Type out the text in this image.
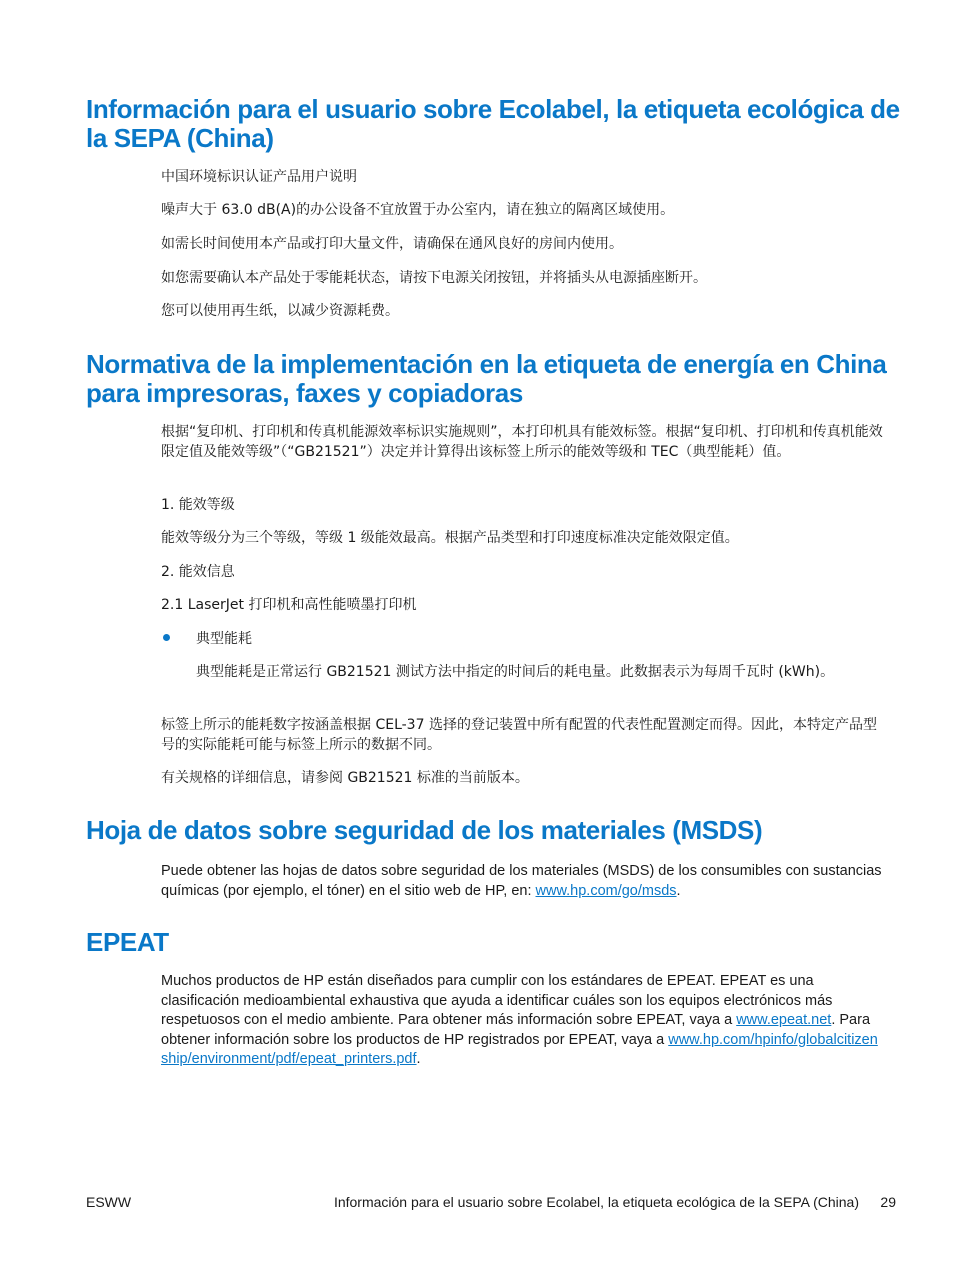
Información para el usuario sobre Ecolabel, la etiqueta ecológica de la SEPA (China)

中国环境标识认证产品用户说明

噪声大于 63.0 dB(A)的办公设备不宜放置于办公室内，请在独立的隔离区域使用。

如需长时间使用本产品或打印大量文件，请确保在通风良好的房间内使用。

如您需要确认本产品处于零能耗状态，请按下电源关闭按钮，并将插头从电源插座断开。

您可以使用再生纸，以减少资源耗费。

Normativa de la implementación en la etiqueta de energía en China para impresoras, faxes y copiadoras

根据“复印机、打印机和传真机能源效率标识实施规则”，本打印机具有能效标签。根据“复印机、打印机和传真机能效限定值及能效等级”（“GB21521”）决定并计算得出该标签上所示的能效等级和 TEC（典型能耗）值。

1. 能效等级

能效等级分为三个等级，等级 1 级能效最高。根据产品类型和打印速度标准决定能效限定值。

2. 能效信息

2.1 LaserJet 打印机和高性能喷墨打印机

典型能耗

典型能耗是正常运行 GB21521 测试方法中指定的时间后的耗电量。此数据表示为每周千瓦时 (kWh)。

标签上所示的能耗数字按涵盖根据 CEL-37 选择的登记装置中所有配置的代表性配置测定而得。因此，本特定产品型号的实际能耗可能与标签上所示的数据不同。

有关规格的详细信息，请参阅 GB21521 标准的当前版本。

Hoja de datos sobre seguridad de los materiales (MSDS)

Puede obtener las hojas de datos sobre seguridad de los materiales (MSDS) de los consumibles con sustancias químicas (por ejemplo, el tóner) en el sitio web de HP, en: www.hp.com/go/msds.

EPEAT

Muchos productos de HP están diseñados para cumplir con los estándares de EPEAT. EPEAT es una clasificación medioambiental exhaustiva que ayuda a identificar cuáles son los equipos electrónicos más respetuosos con el medio ambiente. Para obtener más información sobre EPEAT, vaya a www.epeat.net. Para obtener información sobre los productos de HP registrados por EPEAT, vaya a www.hp.com/hpinfo/globalcitizenship/environment/pdf/epeat_printers.pdf.

ESWW	Información para el usuario sobre Ecolabel, la etiqueta ecológica de la SEPA (China) 29
